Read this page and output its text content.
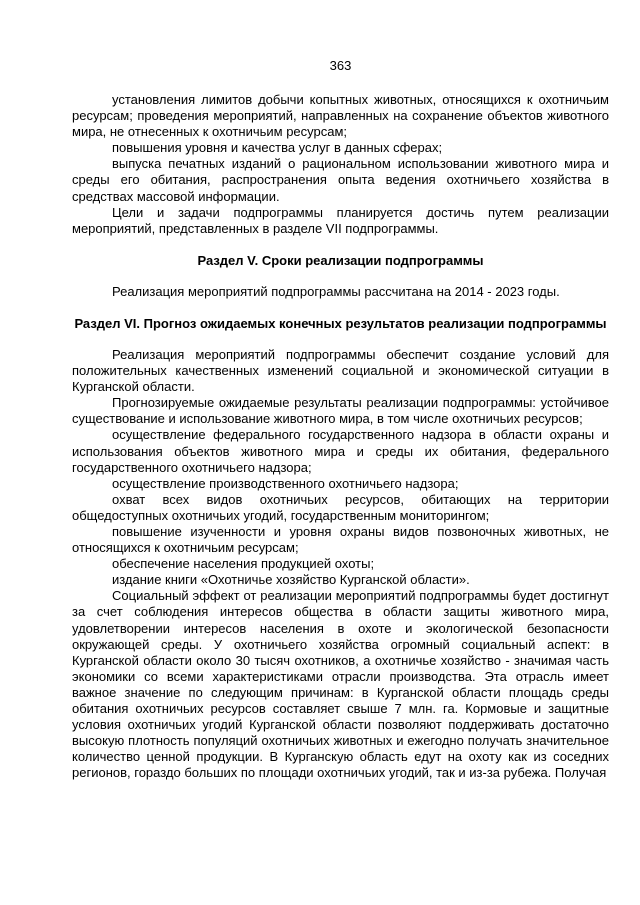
363

установления лимитов добычи копытных животных, относящихся к охотничьим ресурсам; проведения мероприятий, направленных на сохранение объектов животного мира, не отнесенных к охотничьим ресурсам;

повышения уровня и качества услуг в данных сферах;

выпуска печатных изданий о рациональном использовании животного мира и среды его обитания, распространения опыта ведения охотничьего хозяйства в средствах массовой информации.

Цели и задачи подпрограммы планируется достичь путем реализации мероприятий, представленных в разделе VII подпрограммы.

Раздел V. Сроки реализации подпрограммы

Реализация мероприятий подпрограммы рассчитана на 2014 - 2023 годы.

Раздел VI. Прогноз ожидаемых конечных результатов реализации подпрограммы

Реализация мероприятий подпрограммы обеспечит создание условий для положительных качественных изменений социальной и экономической ситуации в Курганской области.

Прогнозируемые ожидаемые результаты реализации подпрограммы: устойчивое существование и использование животного мира, в том числе охотничьих ресурсов;

осуществление федерального государственного надзора в области охраны и использования объектов животного мира и среды их обитания, федерального государственного охотничьего надзора;

осуществление производственного охотничьего надзора;

охват всех видов охотничьих ресурсов, обитающих на территории общедоступных охотничьих угодий, государственным мониторингом;

повышение изученности и уровня охраны видов позвоночных животных, не относящихся к охотничьим ресурсам;

обеспечение населения продукцией охоты;

издание книги «Охотничье хозяйство Курганской области».

Социальный эффект от реализации мероприятий подпрограммы будет достигнут за счет соблюдения интересов общества в области защиты животного мира, удовлетворении интересов населения в охоте и экологической безопасности окружающей среды. У охотничьего хозяйства огромный социальный аспект: в Курганской области около 30 тысяч охотников, а охотничье хозяйство - значимая часть экономики со всеми характеристиками отрасли производства. Эта отрасль имеет важное значение по следующим причинам: в Курганской области площадь среды обитания охотничьих ресурсов составляет свыше 7 млн. га. Кормовые и защитные условия охотничьих угодий Курганской области позволяют поддерживать достаточно высокую плотность популяций охотничьих животных и ежегодно получать значительное количество ценной продукции. В Курганскую область едут на охоту как из соседних регионов, гораздо больших по площади охотничьих угодий, так и из-за рубежа. Получая
